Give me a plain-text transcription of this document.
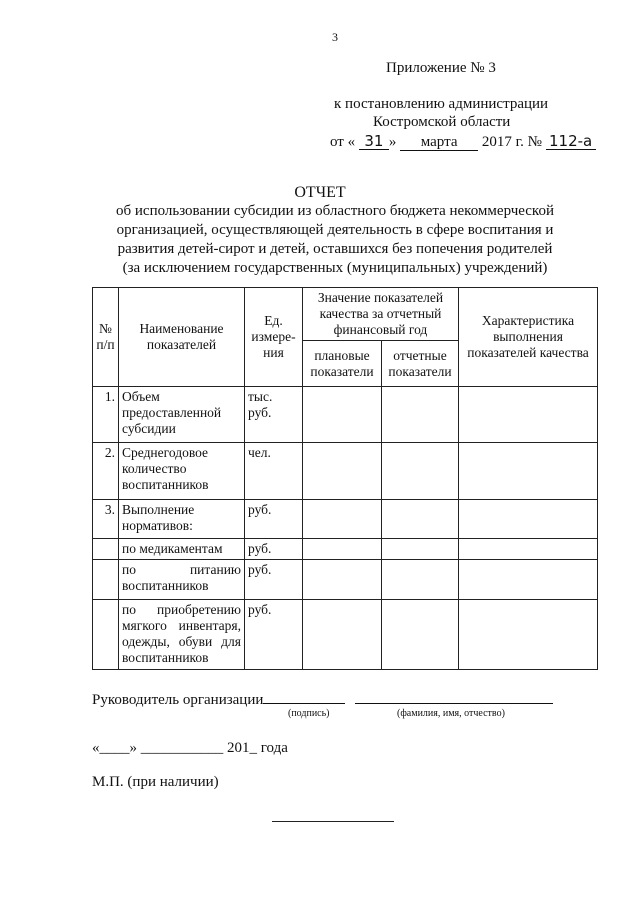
3
Приложение № 3
к постановлению администрации
Костромской области
от « 31 » марта 2017 г. № 112-а
ОТЧЕТ
об использовании субсидии из областного бюджета некоммерческой
организацией, осуществляющей деятельность в сфере воспитания и
развития детей-сирот и детей, оставшихся без попечения родителей
(за исключением государственных (муниципальных) учреждений)
№ п/п	Наименование показателей	Ед. измере-ния	Значение показателей качества за отчетный финансовый год		Характеристика выполнения показателей качества
			плановые показатели	отчетные показатели	
1.	Объем предоставленной субсидии	тыс. руб.			
2.	Среднегодовое количество воспитанников	чел.			
3.	Выполнение нормативов:	руб.			
	по медикаментам	руб.			
	по питанию воспитанников	руб.			
	по приобретению мягкого инвентаря, одежды, обуви для воспитанников	руб.			
Руководитель организации
(подпись)	(фамилия, имя, отчество)
«____» ___________ 201_ года
М.П. (при наличии)
